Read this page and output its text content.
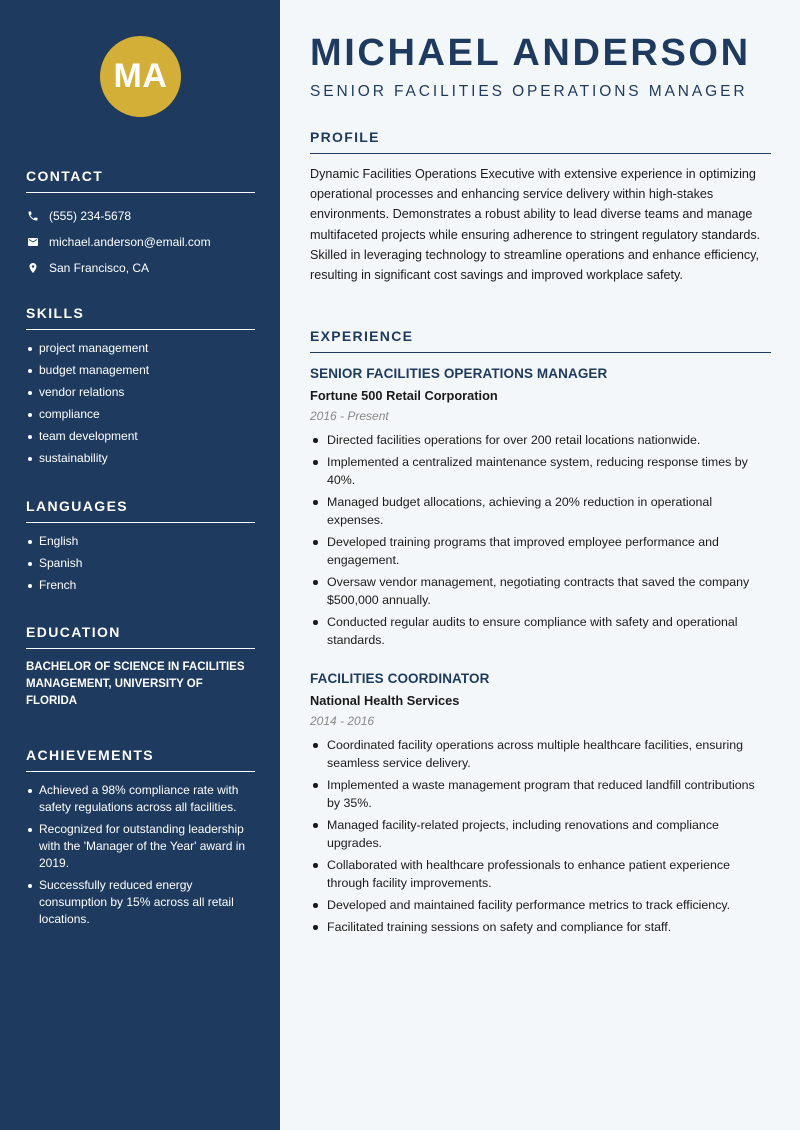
MA
CONTACT
(555) 234-5678
michael.anderson@email.com
San Francisco, CA
SKILLS
project management
budget management
vendor relations
compliance
team development
sustainability
LANGUAGES
English
Spanish
French
EDUCATION
BACHELOR OF SCIENCE IN FACILITIES MANAGEMENT, UNIVERSITY OF FLORIDA
ACHIEVEMENTS
Achieved a 98% compliance rate with safety regulations across all facilities.
Recognized for outstanding leadership with the 'Manager of the Year' award in 2019.
Successfully reduced energy consumption by 15% across all retail locations.
MICHAEL ANDERSON
SENIOR FACILITIES OPERATIONS MANAGER
PROFILE

Dynamic Facilities Operations Executive with extensive experience in optimizing operational processes and enhancing service delivery within high-stakes environments. Demonstrates a robust ability to lead diverse teams and manage multifaceted projects while ensuring adherence to stringent regulatory standards. Skilled in leveraging technology to streamline operations and enhance efficiency, resulting in significant cost savings and improved workplace safety.

EXPERIENCE
SENIOR FACILITIES OPERATIONS MANAGER
Fortune 500 Retail Corporation
2016 - Present
Directed facilities operations for over 200 retail locations nationwide.
Implemented a centralized maintenance system, reducing response times by 40%.
Managed budget allocations, achieving a 20% reduction in operational expenses.
Developed training programs that improved employee performance and engagement.
Oversaw vendor management, negotiating contracts that saved the company $500,000 annually.
Conducted regular audits to ensure compliance with safety and operational standards.
FACILITIES COORDINATOR
National Health Services
2014 - 2016
Coordinated facility operations across multiple healthcare facilities, ensuring seamless service delivery.
Implemented a waste management program that reduced landfill contributions by 35%.
Managed facility-related projects, including renovations and compliance upgrades.
Collaborated with healthcare professionals to enhance patient experience through facility improvements.
Developed and maintained facility performance metrics to track efficiency.
Facilitated training sessions on safety and compliance for staff.
